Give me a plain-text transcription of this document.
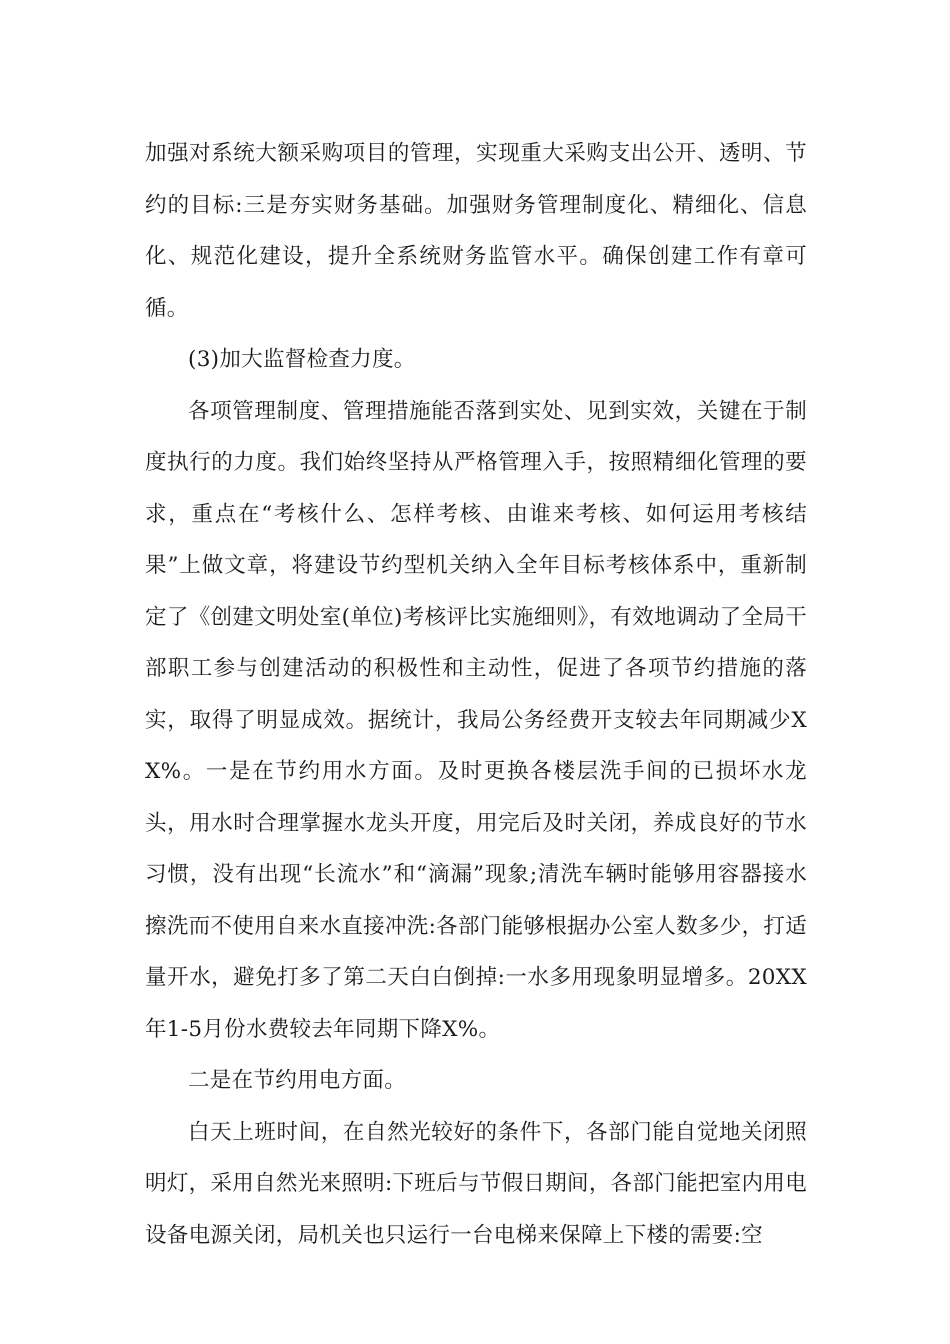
加强对系统大额采购项目的管理，实现重大采购支出公开、透明、节约的目标:三是夯实财务基础。加强财务管理制度化、精细化、信息化、规范化建设，提升全系统财务监管水平。确保创建工作有章可循。

(3)加大监督检查力度。

各项管理制度、管理措施能否落到实处、见到实效，关键在于制度执行的力度。我们始终坚持从严格管理入手，按照精细化管理的要求，重点在“考核什么、怎样考核、由谁来考核、如何运用考核结果”上做文章，将建设节约型机关纳入全年目标考核体系中，重新制定了《创建文明处室(单位)考核评比实施细则》，有效地调动了全局干部职工参与创建活动的积极性和主动性，促进了各项节约措施的落实，取得了明显成效。据统计，我局公务经费开支较去年同期减少XX%。一是在节约用水方面。及时更换各楼层洗手间的已损坏水龙头，用水时合理掌握水龙头开度，用完后及时关闭，养成良好的节水习惯，没有出现“长流水”和“滴漏”现象;清洗车辆时能够用容器接水擦洗而不使用自来水直接冲洗:各部门能够根据办公室人数多少，打适量开水，避免打多了第二天白白倒掉:一水多用现象明显增多。20XX年1-5月份水费较去年同期下降X%。

二是在节约用电方面。

白天上班时间，在自然光较好的条件下，各部门能自觉地关闭照明灯，采用自然光来照明:下班后与节假日期间，各部门能把室内用电设备电源关闭，局机关也只运行一台电梯来保障上下楼的需要:空
